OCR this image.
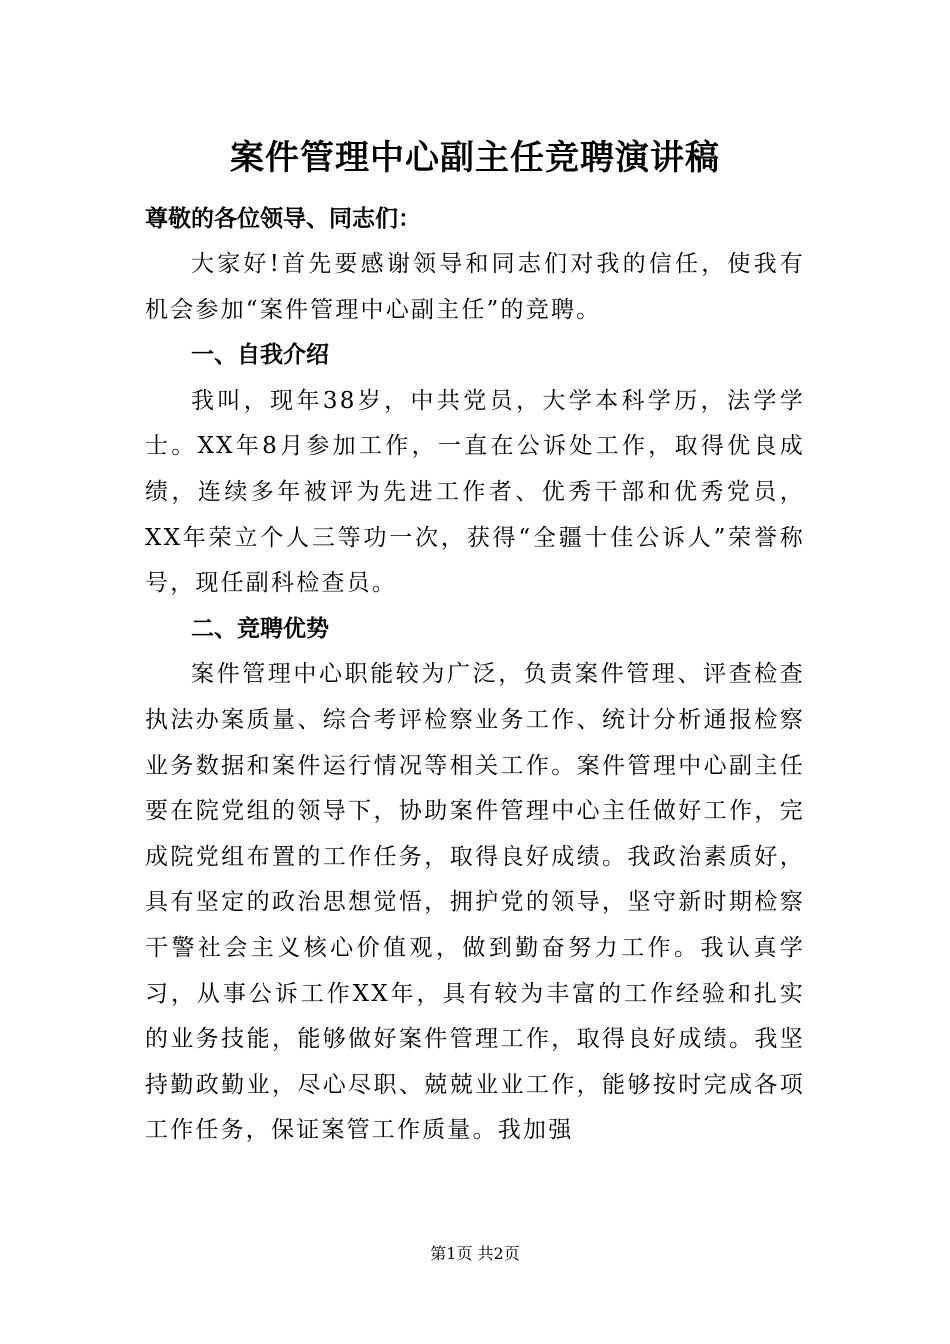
案件管理中心副主任竞聘演讲稿
尊敬的各位领导、同志们：

大家好!首先要感谢领导和同志们对我的信任，使我有机会参加“案件管理中心副主任”的竞聘。

一、自我介绍

我叫，现年38岁，中共党员，大学本科学历，法学学士。XX年8月参加工作，一直在公诉处工作，取得优良成绩，连续多年被评为先进工作者、优秀干部和优秀党员，XX年荣立个人三等功一次，获得“全疆十佳公诉人”荣誉称号，现任副科检查员。

二、竞聘优势

案件管理中心职能较为广泛，负责案件管理、评查检查执法办案质量、综合考评检察业务工作、统计分析通报检察业务数据和案件运行情况等相关工作。案件管理中心副主任要在院党组的领导下，协助案件管理中心主任做好工作，完成院党组布置的工作任务，取得良好成绩。我政治素质好，具有坚定的政治思想觉悟，拥护党的领导，坚守新时期检察干警社会主义核心价值观，做到勤奋努力工作。我认真学习，从事公诉工作XX年，具有较为丰富的工作经验和扎实的业务技能，能够做好案件管理工作，取得良好成绩。我坚持勤政勤业，尽心尽职、兢兢业业工作，能够按时完成各项工作任务，保证案管工作质量。我加强

第1页 共2页
